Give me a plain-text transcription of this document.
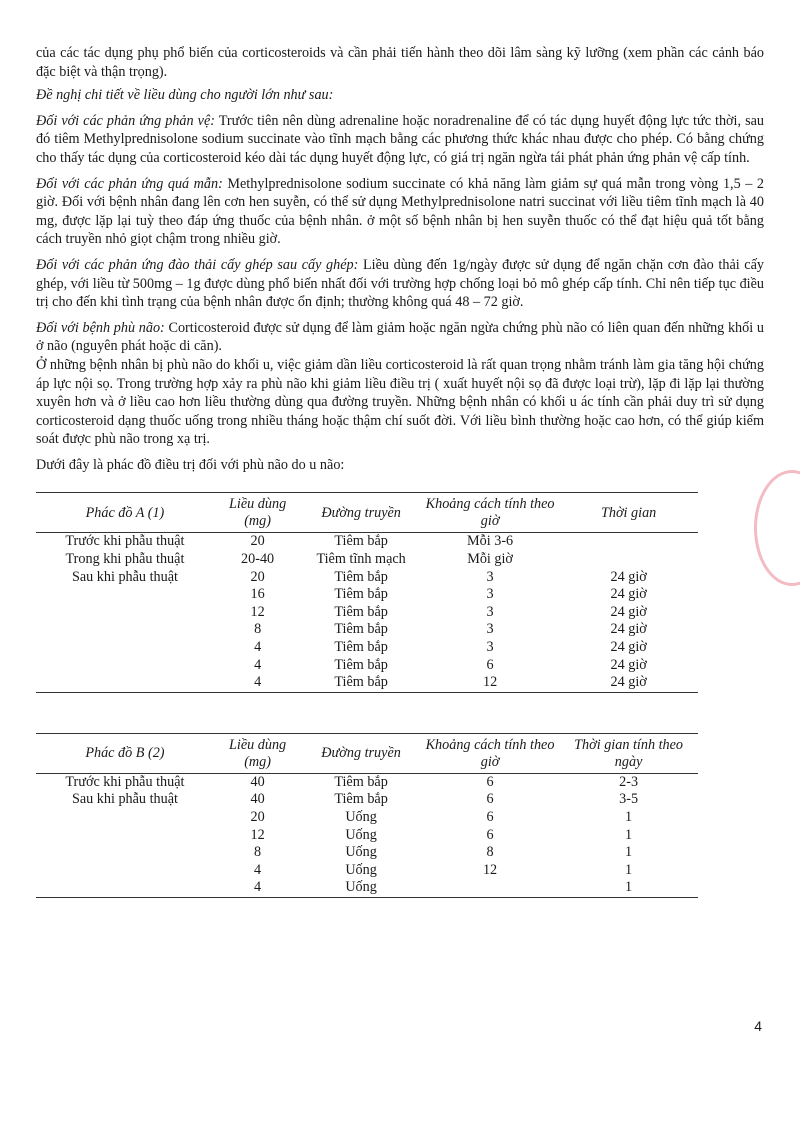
của các tác dụng phụ phổ biến của corticosteroids và cần phải tiến hành theo dõi lâm sàng kỹ lưỡng (xem phần các cảnh báo đặc biệt và thận trọng).

Đề nghị chi tiết về liều dùng cho người lớn như sau:

Đối với các phản ứng phản vệ: Trước tiên nên dùng adrenaline hoặc noradrenaline để có tác dụng huyết động lực tức thời, sau đó tiêm Methylprednisolone sodium succinate vào tĩnh mạch bằng các phương thức khác nhau được cho phép. Có bằng chứng cho thấy tác dụng của corticosteroid kéo dài tác dụng huyết động lực, có giá trị ngăn ngừa tái phát phản ứng phản vệ cấp tính.

Đối với các phản ứng quá mẫn: Methylprednisolone sodium succinate có khả năng làm giảm sự quá mẫn trong vòng 1,5 – 2 giờ. Đối với bệnh nhân đang lên cơn hen suyễn, có thể sử dụng Methylprednisolone natri succinat với liều tiêm tĩnh mạch là 40 mg, được lặp lại tuỳ theo đáp ứng thuốc của bệnh nhân. ở một số bệnh nhân bị hen suyễn thuốc có thể đạt hiệu quả tốt bằng cách truyền nhỏ giọt chậm trong nhiều giờ.

Đối với các phản ứng đào thải cấy ghép sau cấy ghép: Liều dùng đến 1g/ngày được sử dụng để ngăn chặn cơn đào thải cấy ghép, với liều từ 500mg – 1g được dùng phổ biến nhất đối với trường hợp chống loại bỏ mô ghép cấp tính. Chỉ nên tiếp tục điều trị cho đến khi tình trạng của bệnh nhân được ổn định; thường không quá 48 – 72 giờ.

Đối với bệnh phù não: Corticosteroid được sử dụng để làm giảm hoặc ngăn ngừa chứng phù não có liên quan đến những khối u ở não (nguyên phát hoặc di căn).

Ở những bệnh nhân bị phù não do khối u, việc giảm dần liều corticosteroid là rất quan trọng nhằm tránh làm gia tăng hội chứng áp lực nội sọ. Trong trường hợp xảy ra phù não khi giảm liều điều trị ( xuất huyết nội sọ đã được loại trừ), lặp đi lặp lại thường xuyên hơn và ở liều cao hơn liều thường dùng qua đường truyền. Những bệnh nhân có khối u ác tính cần phải duy trì sử dụng corticosteroid dạng thuốc uống trong nhiều tháng hoặc thậm chí suốt đời. Với liều bình thường hoặc cao hơn, có thể giúp kiểm soát được phù não trong xạ trị.

Dưới đây là phác đồ điều trị đối với phù não do u não:

Phác đồ A (1)	Liều dùng (mg)	Đường truyền	Khoảng cách tính theo giờ	Thời gian
Trước khi phẫu thuật	20	Tiêm bắp	Mỗi 3-6	
Trong khi phẫu thuật	20-40	Tiêm tĩnh mạch	Mỗi giờ	
Sau khi phẫu thuật	20	Tiêm bắp	3	24 giờ
	16	Tiêm bắp	3	24 giờ
	12	Tiêm bắp	3	24 giờ
	8	Tiêm bắp	3	24 giờ
	4	Tiêm bắp	3	24 giờ
	4	Tiêm bắp	6	24 giờ
	4	Tiêm bắp	12	24 giờ
Phác đồ B (2)	Liều dùng (mg)	Đường truyền	Khoảng cách tính theo giờ	Thời gian tính theo ngày
Trước khi phẫu thuật	40	Tiêm bắp	6	2-3
Sau khi phẫu thuật	40	Tiêm bắp	6	3-5
	20	Uống	6	1
	12	Uống	6	1
	8	Uống	8	1
	4	Uống	12	1
	4	Uống		1
4
